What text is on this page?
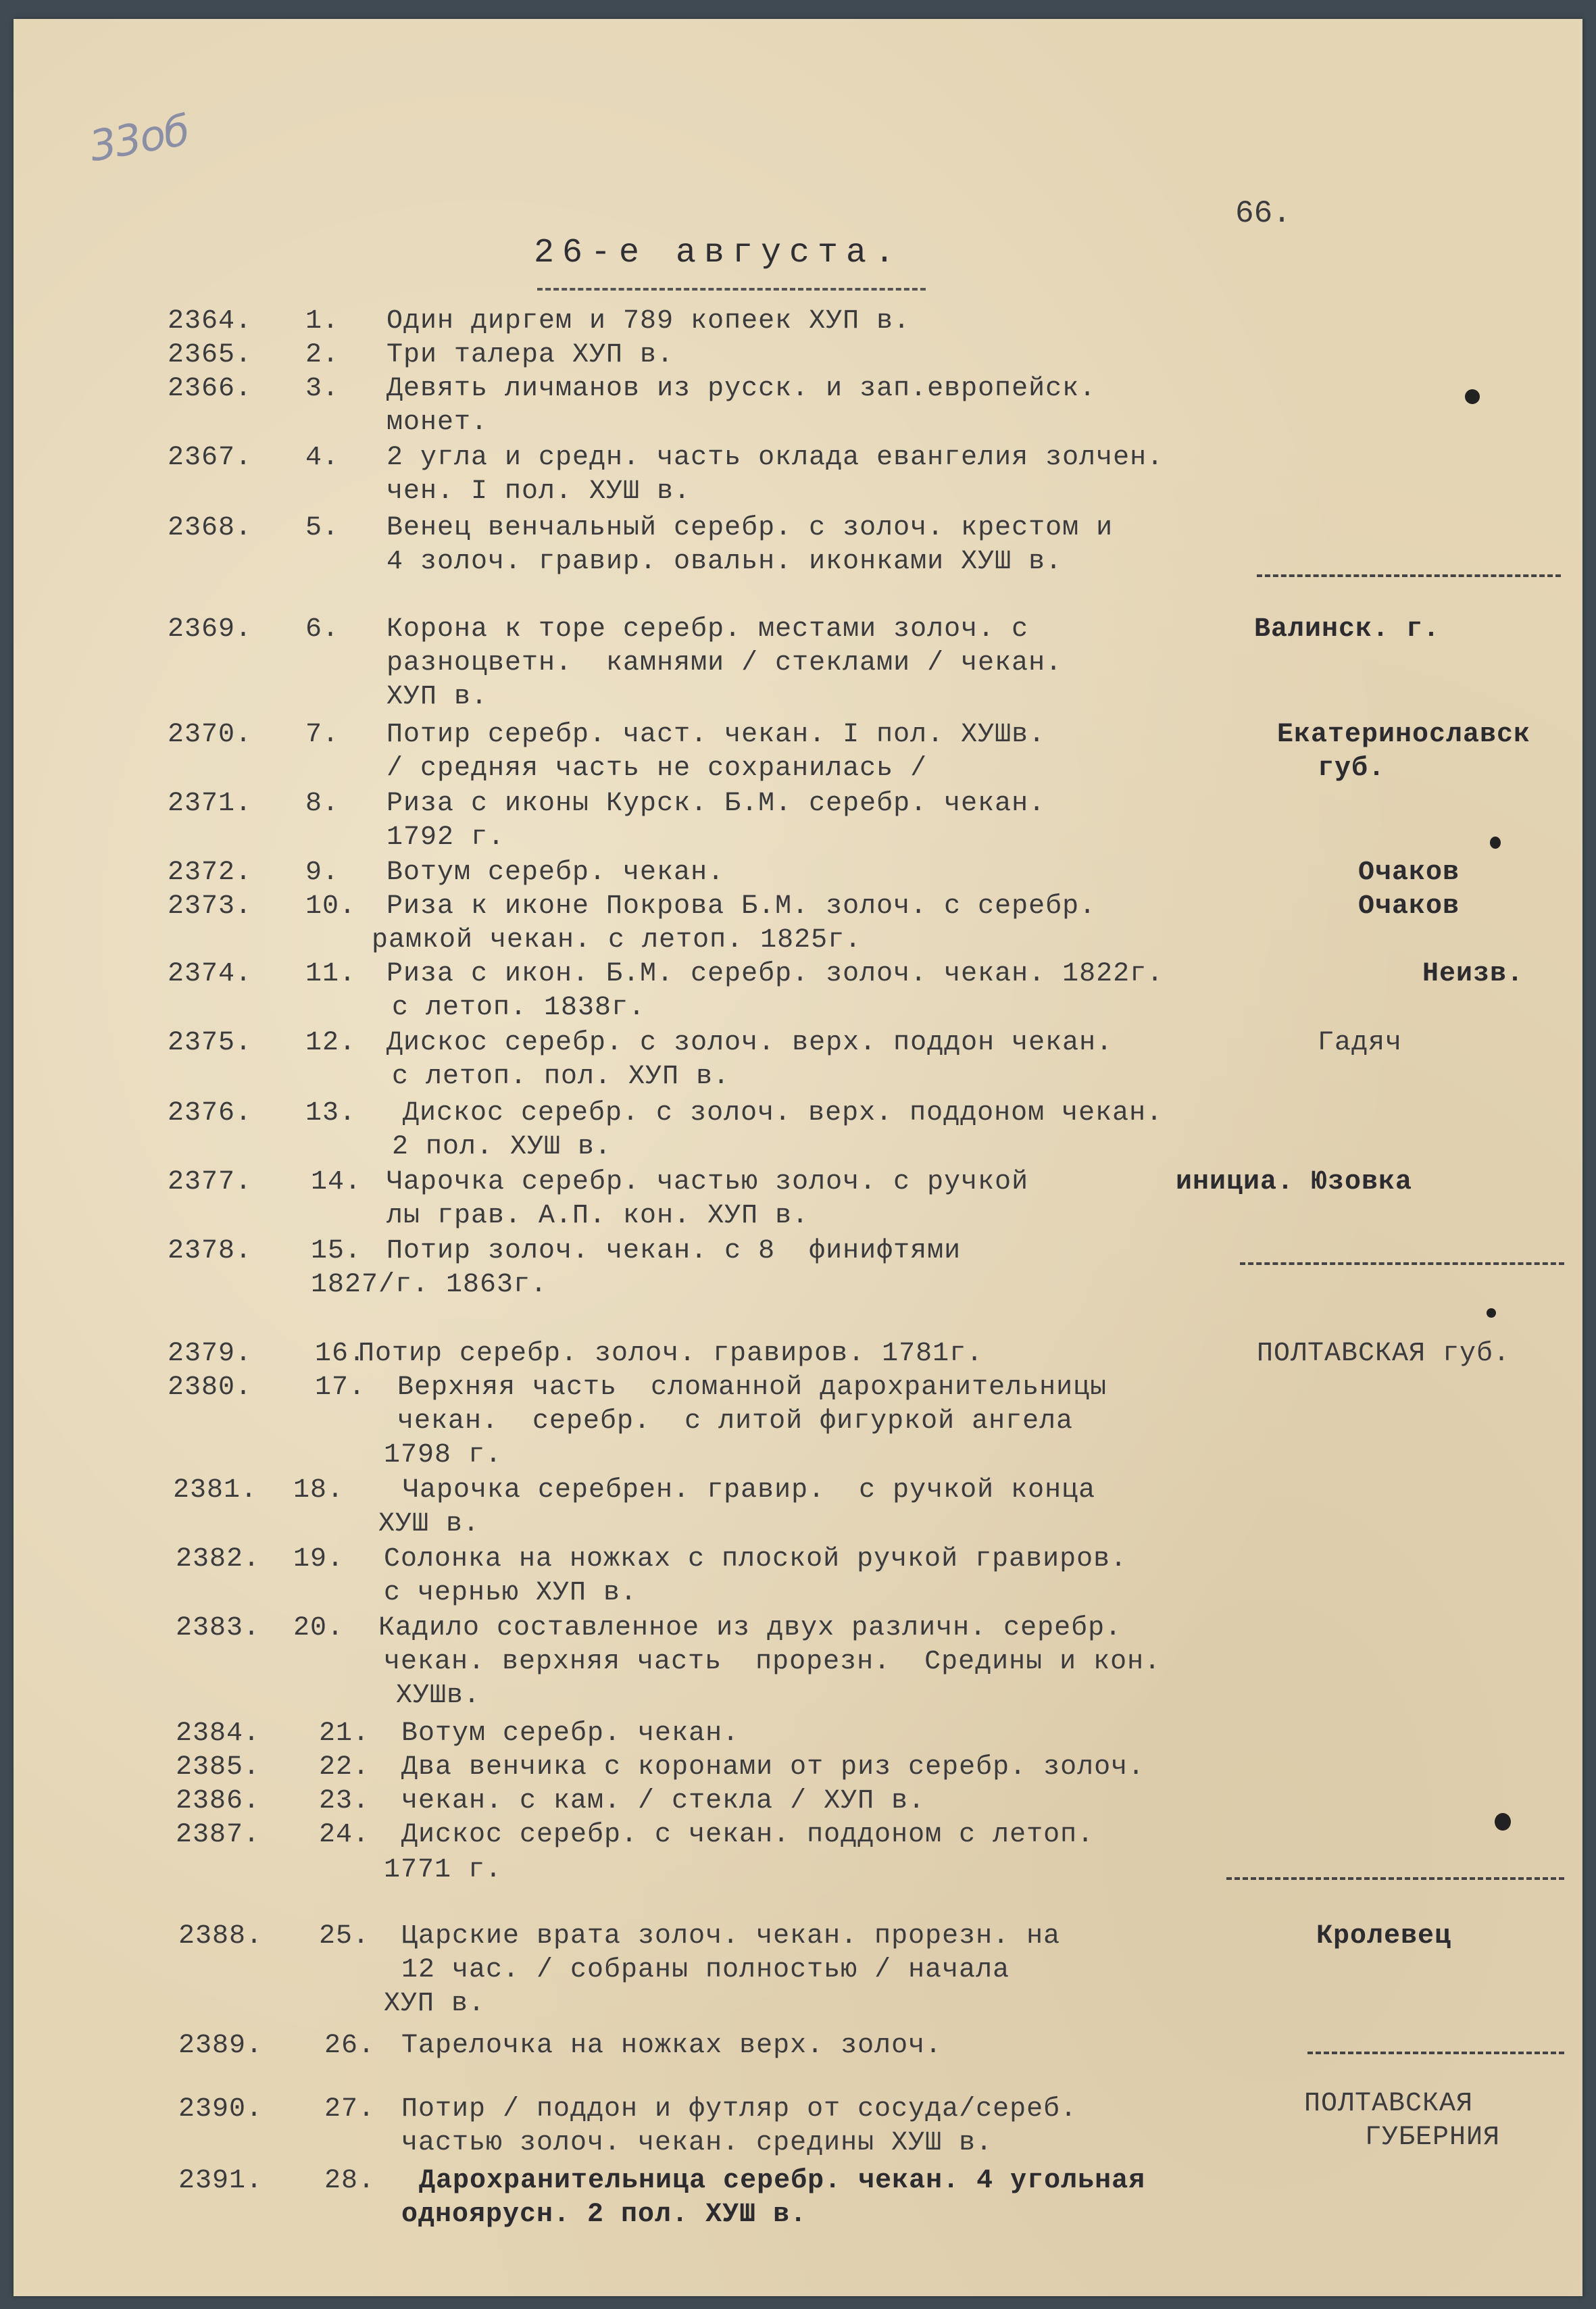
33об
66.
26-е августа.
2364. 1. Один диргем и 789 копеек ХУП в.
2365. 2. Три талера ХУП в.
2366. 3. Девять личманов из русск. и зап.европейск.
монет.
2367. 4. 2 угла и средн. часть оклада евангелия золчен.
чен. I пол. ХУШ в.
2368. 5. Венец венчальный серебр. с золоч. крестом и
4 золоч. гравир. овальн. иконками ХУШ в.
2369. 6. Корона к торе серебр. местами золоч. с
разноцветн.  камнями / стеклами / чекан.
ХУП в.
Валинск. г.
2370. 7. Потир серебр. част. чекан. I пол. ХУШв.
/ средняя часть не сохранилась /
Екатеринославск
губ.
2371. 8. Риза с иконы Курск. Б.М. серебр. чекан.
1792 г.
2372. 9. Вотум серебр. чекан.	Очаков
2373. 10. Риза к иконе Покрова Б.М. золоч. с серебр.
рамкой чекан. с летоп. 1825г.
Очаков
2374. 11. Риза с икон. Б.М. серебр. золоч. чекан. 1822г.
с летоп. 1838г.
Неизв.
2375. 12. Дискос серебр. с золоч. верх. поддон чекан.
с летоп. пол. ХУП в.
Гадяч
2376. 13. Дискос серебр. с золоч. верх. поддоном чекан.
2 пол. ХУШ в.
2377. 14. Чарочка серебр. частью золоч. с ручкой
лы грав. А.П. кон. ХУП в.
инициа. Юзовка
2378. 15. Потир золоч. чекан. с 8  финифтями
1827/г. 1863г.
2379. 16.
Потир серебр. золоч. гравиров. 1781г.	ПОЛТАВСКАЯ губ.
2380. 17. Верхняя часть  сломанной дарохранительницы
чекан.  серебр.  с литой фигуркой ангела
1798 г.
2381. 18. Чарочка серебрен. гравир.  с ручкой конца
ХУШ в.
2382. 19. Солонка на ножках с плоской ручкой гравиров.
с чернью ХУП в.
2383. 20. Кадило составленное из двух различн. серебр.
чекан. верхняя часть  прорезн.  Средины и кон.
ХУШв.
2384. 21. Вотум серебр. чекан.
2385. 22. Два венчика с коронами от риз серебр. золоч.
2386. 23. чекан. с кам. / стекла / ХУП в.
2387. 24. Дискос серебр. с чекан. поддоном с летоп.
1771 г.
2388. 25. Царские врата золоч. чекан. прорезн. на
12 час. / собраны полностью / начала
ХУП в.
Кролевец
2389. 26. Тарелочка на ножках верх. золоч.
2390. 27. Потир / поддон и футляр от сосуда/сереб.
частью золоч. чекан. средины ХУШ в.
ПОЛТАВСКАЯ
ГУБЕРНИЯ
2391. 28. Дарохранительница серебр. чекан. 4 угольная
одноярусн. 2 пол. ХУШ в.
